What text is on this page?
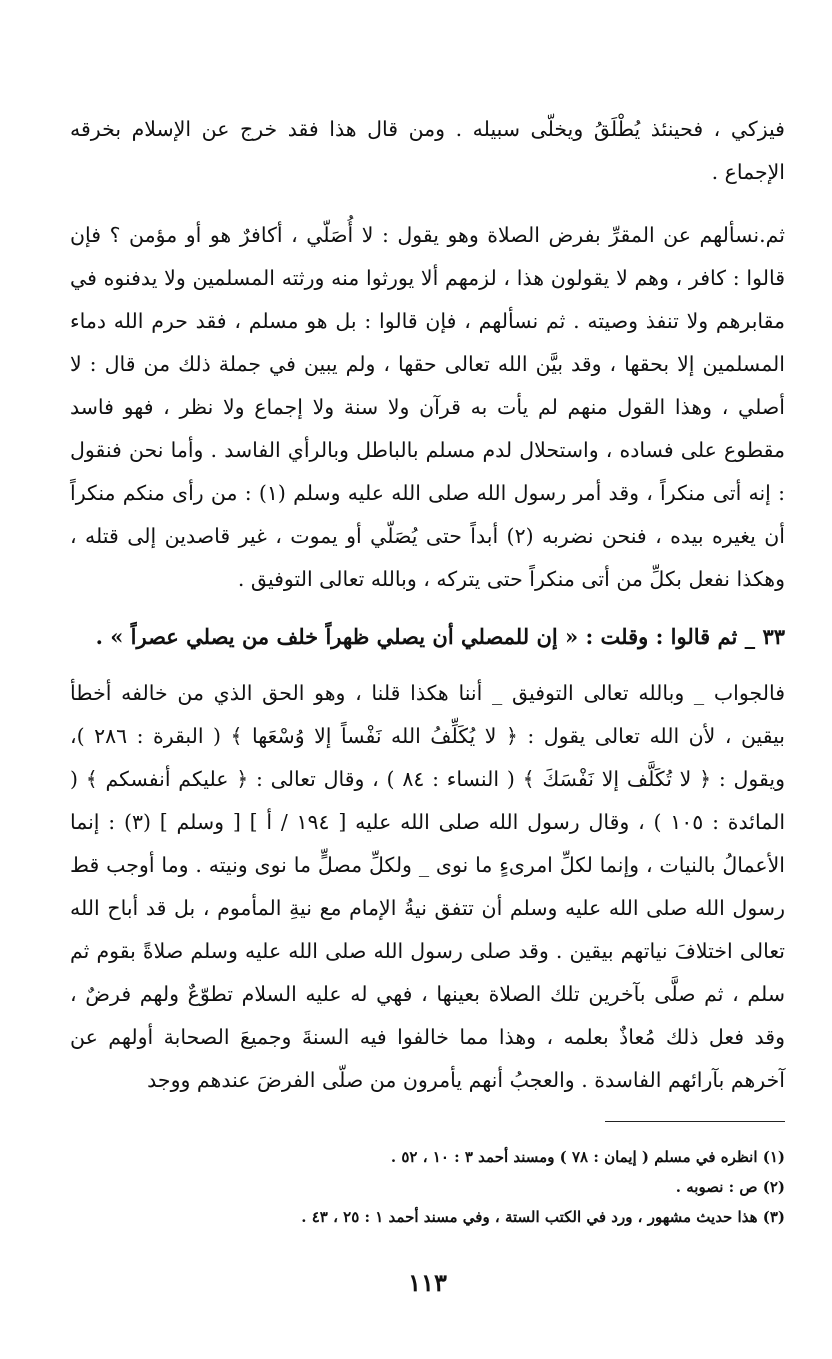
فيزكي ، فحينئذ يُطْلَقُ ويخلّى سبيله . ومن قال هذا فقد خرج عن الإسلام بخرقه الإجماع .

ثم.نسألهم عن المقرِّ بفرض الصلاة وهو يقول : لا أُصَلّي ، أكافرٌ هو أو مؤمن ؟ فإن قالوا : كافر ، وهم لا يقولون هذا ، لزمهم ألا يورثوا منه ورثته المسلمين ولا يدفنوه في مقابرهم ولا تنفذ وصيته . ثم نسألهم ، فإن قالوا : بل هو مسلم ، فقد حرم الله دماء المسلمين إلا بحقها ، وقد بيَّن الله تعالى حقها ، ولم يبين في جملة ذلك من قال : لا أصلي ، وهذا القول منهم لم يأت به قرآن ولا سنة ولا إجماع ولا نظر ، فهو فاسد مقطوع على فساده ، واستحلال لدم مسلم بالباطل وبالرأي الفاسد . وأما نحن فنقول : إنه أتى منكراً ، وقد أمر رسول الله صلى الله عليه وسلم (١) : من رأى منكم منكراً أن يغيره بيده ، فنحن نضربه (٢) أبداً حتى يُصَلّي أو يموت ، غير قاصدين إلى قتله ، وهكذا نفعل بكلِّ من أتى منكراً حتى يتركه ، وبالله تعالى التوفيق .

٣٣ _ ثم قالوا : وقلت : « إن للمصلي أن يصلي ظهراً خلف من يصلي عصراً » .

فالجواب _ وبالله تعالى التوفيق _ أننا هكذا قلنا ، وهو الحق الذي من خالفه أخطأ بيقين ، لأن الله تعالى يقول : ﴿ لا يُكَلِّفُ الله نَفْساً إلا وُسْعَها ﴾ ( البقرة : ٢٨٦ )، ويقول : ﴿ لا تُكَلَّف إلا نَفْسَكَ ﴾ ( النساء : ٨٤ ) ، وقال تعالى : ﴿ عليكم أنفسكم ﴾ ( المائدة : ١٠٥ ) ، وقال رسول الله صلى الله عليه [ ١٩٤ / أ ] [ وسلم ] (٣) : إنما الأعمالُ بالنيات ، وإنما لكلِّ امرىءٍ ما نوى _ ولكلِّ مصلٍّ ما نوى ونيته . وما أوجب قط رسول الله صلى الله عليه وسلم أن تتفق نيةُ الإمام مع نيةِ المأموم ، بل قد أباح الله تعالى اختلافَ نياتهم بيقين . وقد صلى رسول الله صلى الله عليه وسلم صلاةً بقوم ثم سلم ، ثم صلَّى بآخرين تلك الصلاة بعينها ، فهي له عليه السلام تطوّعٌ ولهم فرضٌ ، وقد فعل ذلك مُعاذٌ بعلمه ، وهذا مما خالفوا فيه السنةَ وجميعَ الصحابة أولهم عن آخرهم بآرائهم الفاسدة . والعجبُ أنهم يأمرون من صلّى الفرضَ عندهم ووجد

(١) انظره في مسلم ( إيمان : ٧٨ ) ومسند أحمد ٣ : ١٠ ، ٥٢ .

(٢) ص : نصوبه .

(٣) هذا حديث مشهور ، ورد في الكتب الستة ، وفي مسند أحمد ١ : ٢٥ ، ٤٣ .

١١٣
